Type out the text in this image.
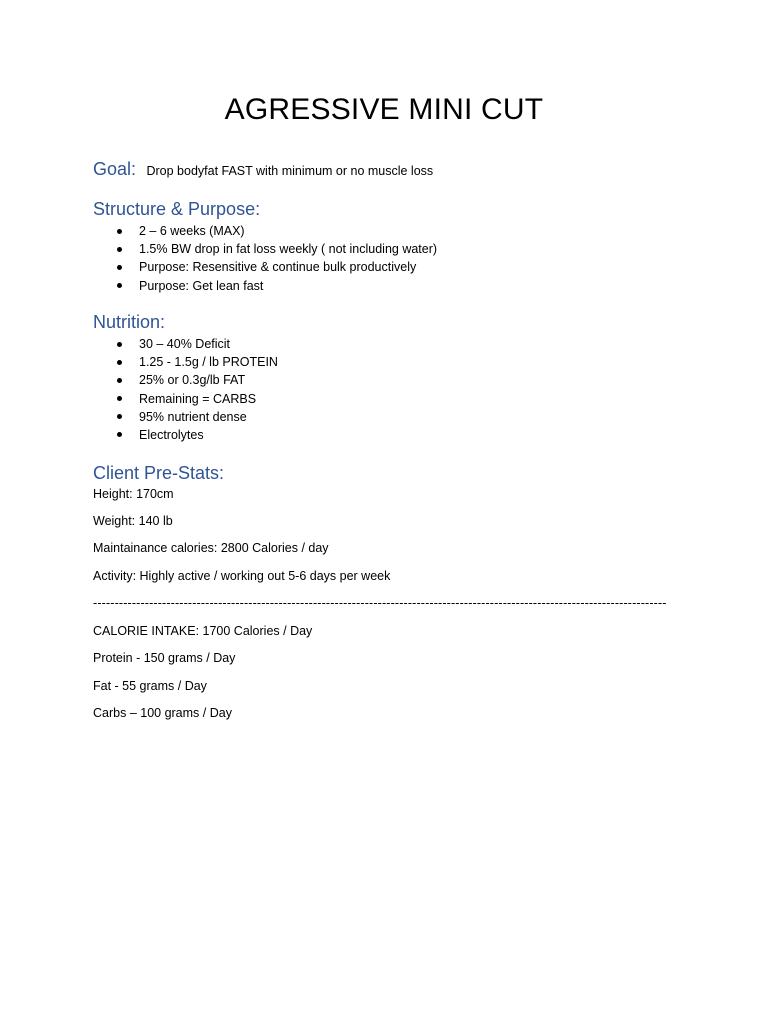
AGRESSIVE MINI CUT
Goal: Drop bodyfat FAST with minimum or no muscle loss
Structure & Purpose:
2 – 6 weeks (MAX)
1.5% BW drop in fat loss weekly ( not including water)
Purpose: Resensitive & continue bulk productively
Purpose: Get lean fast
Nutrition:
30 – 40% Deficit
1.25 - 1.5g / lb PROTEIN
25% or 0.3g/lb FAT
Remaining = CARBS
95% nutrient dense
Electrolytes
Client Pre-Stats:

Height: 170cm

Weight: 140 lb

Maintainance calories: 2800 Calories / day

Activity: Highly active / working out 5-6 days per week

-------------------------------------------------------------------------------------------------------------------------------------

CALORIE INTAKE: 1700 Calories / Day

Protein - 150 grams / Day

Fat - 55 grams / Day

Carbs – 100 grams / Day
